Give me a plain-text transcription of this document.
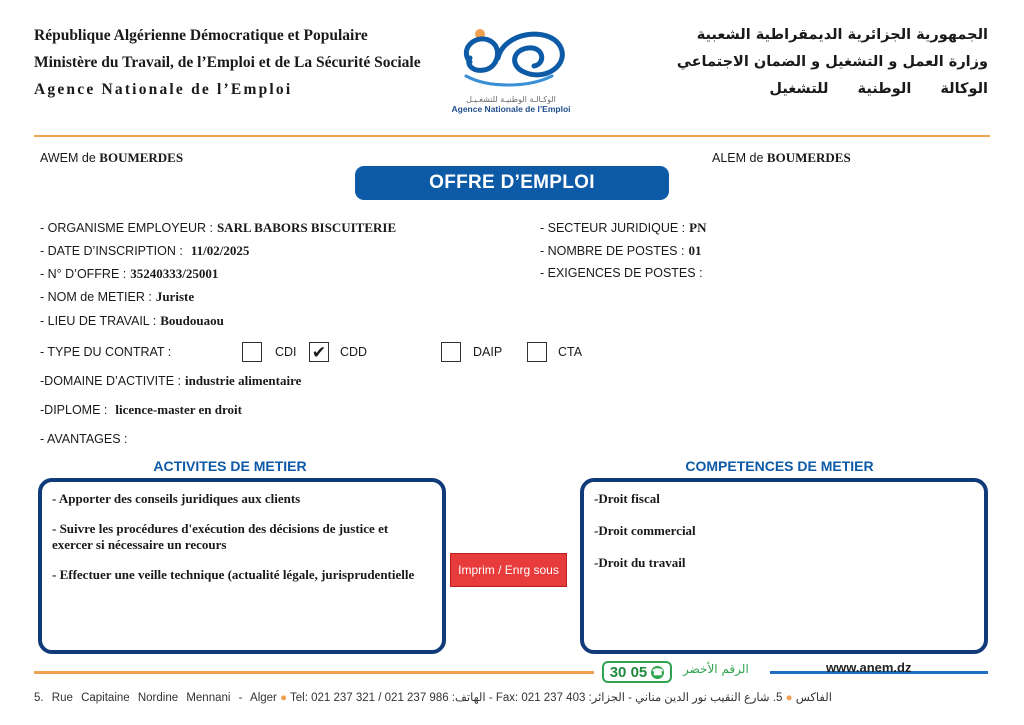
République Algérienne Démocratique et Populaire
Ministère du Travail, de l’Emploi et de La Sécurité Sociale
Agence Nationale de l’Emploi
الوكـالـة الوطنيـة للتشغـيـل
Agence Nationale de l’Emploi
الجمهورية الجزائرية الديمقراطية الشعبية
وزارة العمل و التشغيل و الضمان الاجتماعي
الوكالة الوطنية للتشغيل
AWEM de BOUMERDES	ALEM de BOUMERDES
OFFRE D’EMPLOI
- ORGANISME EMPLOYEUR : SARL BABORS BISCUITERIE
- DATE D’INSCRIPTION : 11/02/2025
- N° D’OFFRE : 35240333/25001
- NOM de METIER : Juriste
- LIEU DE TRAVAIL : Boudouaou
- SECTEUR JURIDIQUE : PN
- NOMBRE DE POSTES : 01
- EXIGENCES DE POSTES :
- TYPE DU CONTRAT :	CDI ✔ CDD	DAIP	CTA
-DOMAINE D’ACTIVITE : industrie alimentaire
-DIPLOME : licence-master en droit
- AVANTAGES :
ACTIVITES DE METIER	COMPETENCES DE METIER

- Apporter des conseils juridiques aux clients

- Suivre les procédures d'exécution des décisions de justice et exercer si nécessaire un recours

- Effectuer une veille technique (actualité légale, jurisprudentielle

-Droit fiscal

-Droit commercial

-Droit du travail

Imprim / Enrg sous
30 05 ☎ الرقم الأخضر	www.anem.dz
5. Rue Capitaine Nordine Mennani - Alger ● Tel: 021 237 321 / 021 237 986 :الهاتف - Fax: 021 237 403 :الفاكس ● 5. شارع النقيب نور الدين مناني - الجزائر
